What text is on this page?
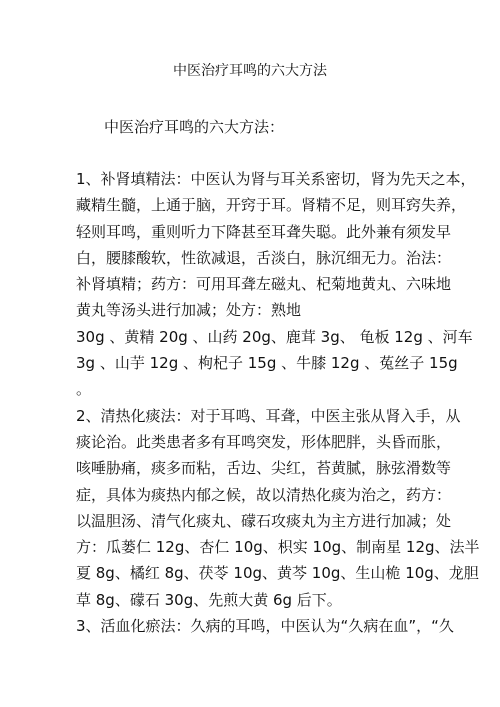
中医治疗耳鸣的六大方法
中医治疗耳鸣的六大方法：
1、补肾填精法：中医认为肾与耳关系密切，肾为先天之本，
藏精生髓，上通于脑，开窍于耳。肾精不足，则耳窍失养，
轻则耳鸣，重则听力下降甚至耳聋失聪。此外兼有须发早
白，腰膝酸软，性欲减退，舌淡白，脉沉细无力。治法：
补肾填精；药方：可用耳聋左磁丸、杞菊地黄丸、六味地
黄丸等汤头进行加减；处方：熟地
30g 、黄精 20g 、山药 20g、鹿茸 3g、 龟板 12g 、河车
3g 、山芋 12g 、枸杞子 15g 、牛膝 12g 、菟丝子 15g
。
2、清热化痰法：对于耳鸣、耳聋，中医主张从肾入手，从
痰论治。此类患者多有耳鸣突发，形体肥胖，头昏而胀，
咳唾胁痛，痰多而粘，舌边、尖红，苔黄腻，脉弦滑数等
症，具体为痰热内郁之候，故以清热化痰为治之，药方：
以温胆汤、清气化痰丸、礞石攻痰丸为主方进行加减；处
方：瓜蒌仁 12g、杏仁 10g、枳实 10g、制南星 12g、法半
夏 8g、橘红 8g、茯苓 10g、黄芩 10g、生山桅 10g、龙胆
草 8g、礞石 30g、先煎大黄 6g 后下。
3、活血化瘀法：久病的耳鸣，中医认为“久病在血”，“久
